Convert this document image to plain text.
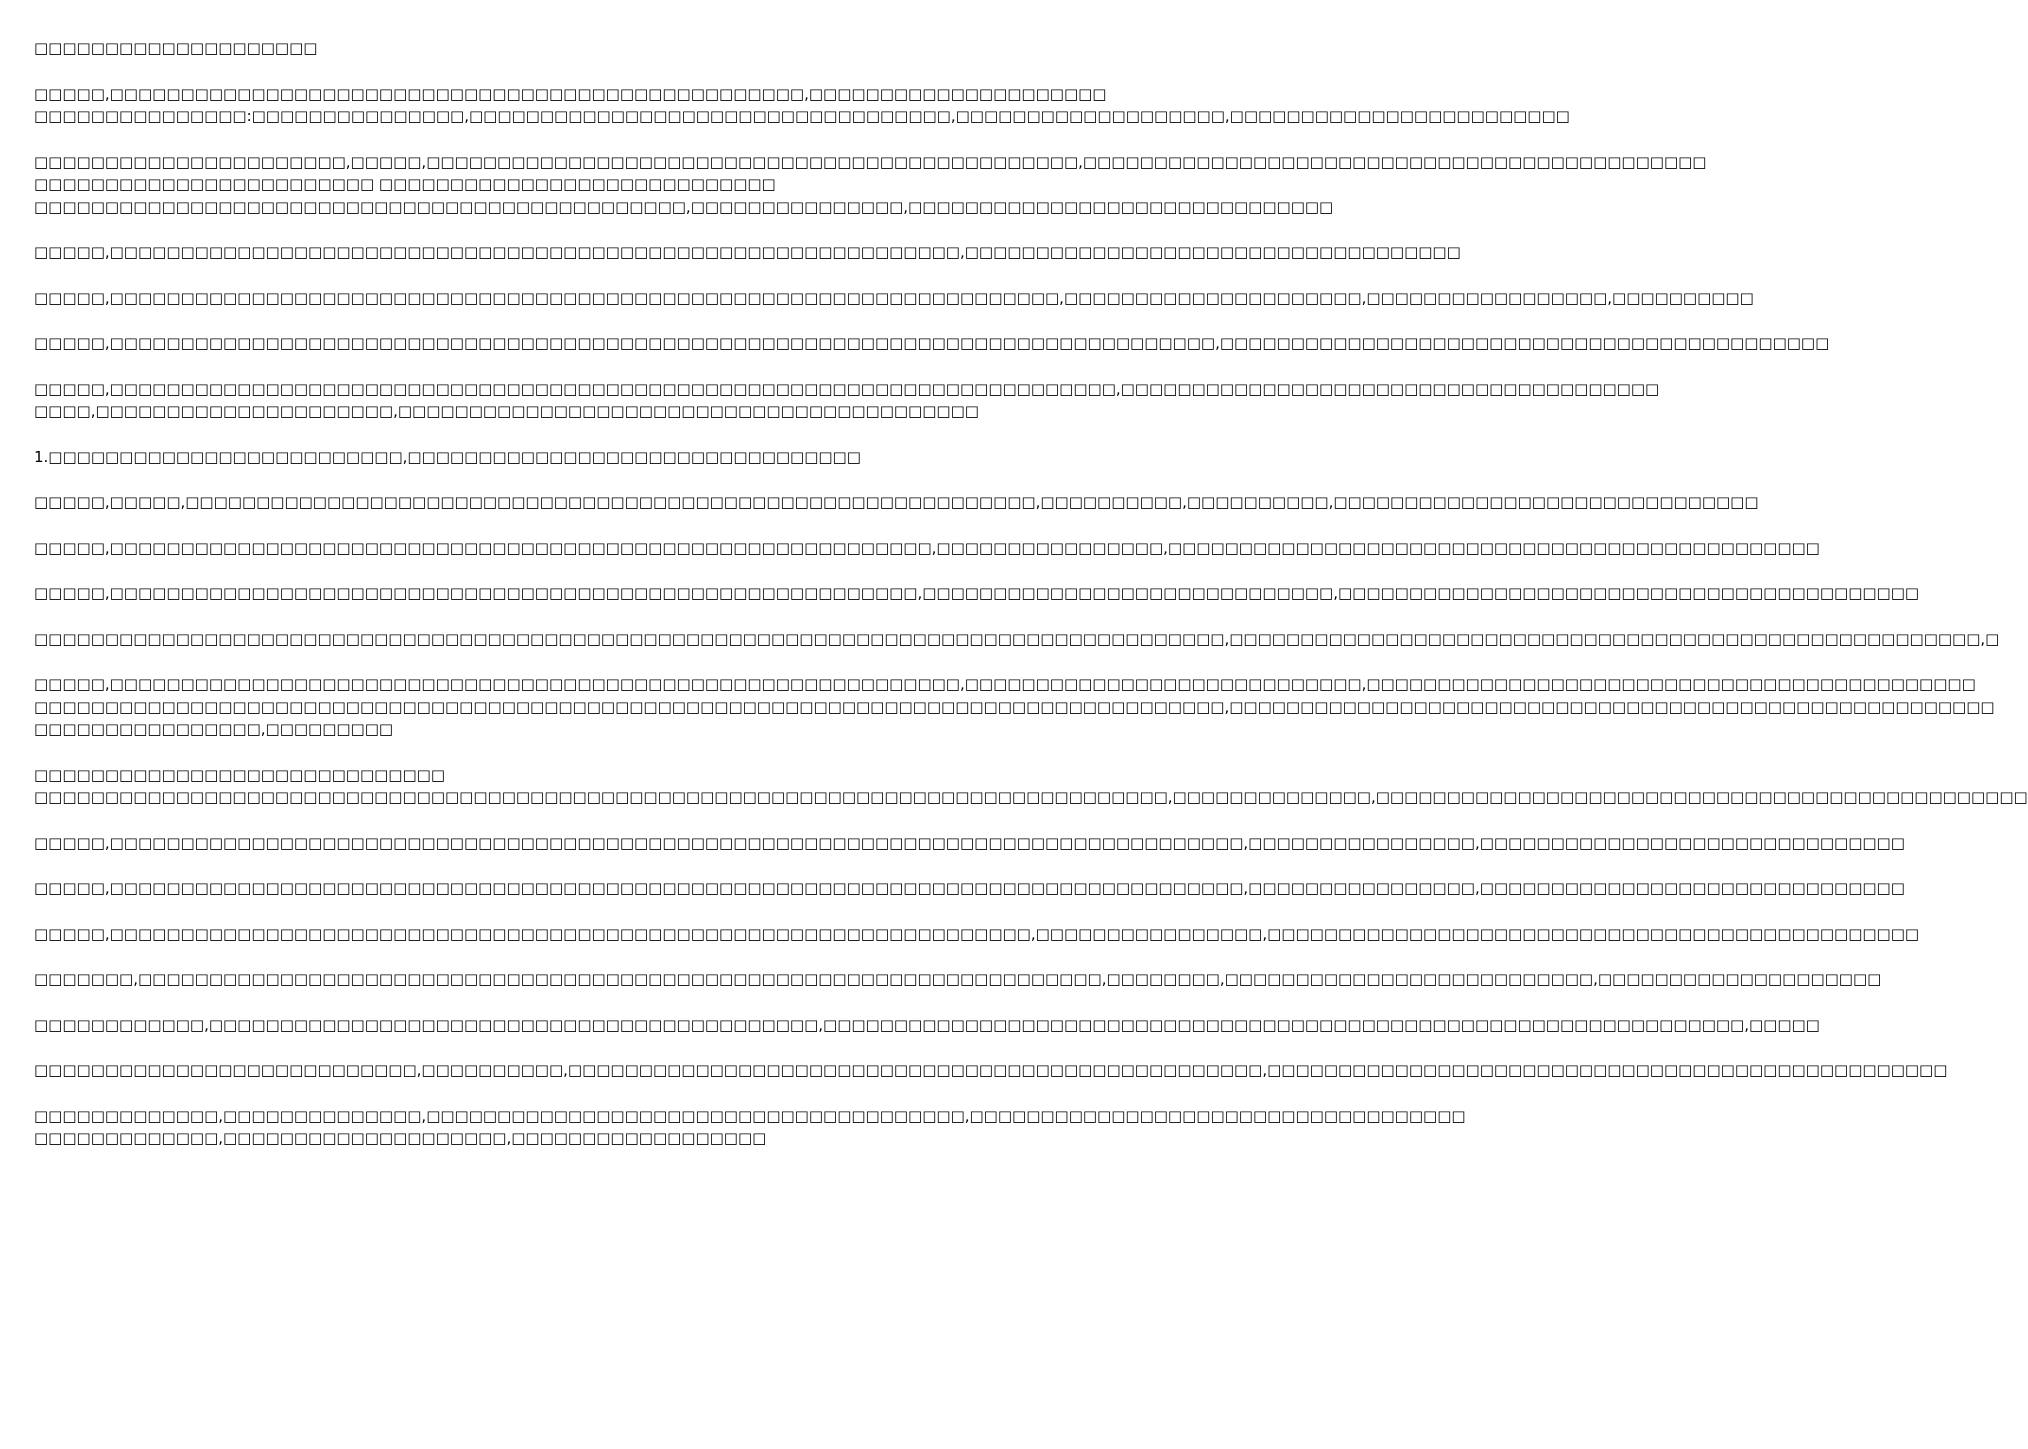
□□□□□□□□□□□□□□□□□□□□
□□□□□,□□□□□□□□□□□□□□□□□□□□□□□□□□□□□□□□□□□□□□□□□□□□□□□□□,□□□□□□□□□□□□□□□□□□□□□
□□□□□□□□□□□□□□□:□□□□□□□□□□□□□□□,□□□□□□□□□□□□□□□□□□□□□□□□□□□□□□□□□□,□□□□□□□□□□□□□□□□□□□,□□□□□□□□□□□□□□□□□□□□□□□□
□□□□□□□□□□□□□□□□□□□□□□,□□□□□,□□□□□□□□□□□□□□□□□□□□□□□□□□□□□□□□□□□□□□□□□□□□□□,□□□□□□□□□□□□□□□□□□□□□□□□□□□□□□□□□□□□□□□□□□□□
□□□□□□□□□□□□□□□□□□□□□□□□ □□□□□□□□□□□□□□□□□□□□□□□□□□□□
□□□□□□□□□□□□□□□□□□□□□□□□□□□□□□□□□□□□□□□□□□□□□□,□□□□□□□□□□□□□□□,□□□□□□□□□□□□□□□□□□□□□□□□□□□□□□
□□□□□,□□□□□□□□□□□□□□□□□□□□□□□□□□□□□□□□□□□□□□□□□□□□□□□□□□□□□□□□□□□□,□□□□□□□□□□□□□□□□□□□□□□□□□□□□□□□□□□□
□□□□□,□□□□□□□□□□□□□□□□□□□□□□□□□□□□□□□□□□□□□□□□□□□□□□□□□□□□□□□□□□□□□□□□□□□,□□□□□□□□□□□□□□□□□□□□□,□□□□□□□□□□□□□□□□□,□□□□□□□□□□
□□□□□,□□□□□□□□□□□□□□□□□□□□□□□□□□□□□□□□□□□□□□□□□□□□□□□□□□□□□□□□□□□□□□□□□□□□□□□□□□□□□□,□□□□□□□□□□□□□□□□□□□□□□□□□□□□□□□□□□□□□□□□□□□
□□□□□,□□□□□□□□□□□□□□□□□□□□□□□□□□□□□□□□□□□□□□□□□□□□□□□□□□□□□□□□□□□□□□□□□□□□□□□,□□□□□□□□□□□□□□□□□□□□□□□□□□□□□□□□□□□□□□
□□□□,□□□□□□□□□□□□□□□□□□□□□,□□□□□□□□□□□□□□□□□□□□□□□□□□□□□□□□□□□□□□□□□
1.□□□□□□□□□□□□□□□□□□□□□□□□□,□□□□□□□□□□□□□□□□□□□□□□□□□□□□□□□□
□□□□□,□□□□□,□□□□□□□□□□□□□□□□□□□□□□□□□□□□□□□□□□□□□□□□□□□□□□□□□□□□□□□□□□□□,□□□□□□□□□□,□□□□□□□□□□,□□□□□□□□□□□□□□□□□□□□□□□□□□□□□□
□□□□□,□□□□□□□□□□□□□□□□□□□□□□□□□□□□□□□□□□□□□□□□□□□□□□□□□□□□□□□□□□,□□□□□□□□□□□□□□□□,□□□□□□□□□□□□□□□□□□□□□□□□□□□□□□□□□□□□□□□□□□□□□□
□□□□□,□□□□□□□□□□□□□□□□□□□□□□□□□□□□□□□□□□□□□□□□□□□□□□□□□□□□□□□□□,□□□□□□□□□□□□□□□□□□□□□□□□□□□□□,□□□□□□□□□□□□□□□□□□□□□□□□□□□□□□□□□□□□□□□□□
□□□□□□□□□□□□□□□□□□□□□□□□□□□□□□□□□□□□□□□□□□□□□□□□□□□□□□□□□□□□□□□□□□□□□□□□□□□□□□□□□□□□,□□□□□□□□□□□□□□□□□□□□□□□□□□□□□□□□□□□□□□□□□□□□□□□□□□□□□,□
□□□□□,□□□□□□□□□□□□□□□□□□□□□□□□□□□□□□□□□□□□□□□□□□□□□□□□□□□□□□□□□□□□,□□□□□□□□□□□□□□□□□□□□□□□□□□□□,□□□□□□□□□□□□□□□□□□□□□□□□□□□□□□□□□□□□□□□□□□□
□□□□□□□□□□□□□□□□□□□□□□□□□□□□□□□□□□□□□□□□□□□□□□□□□□□□□□□□□□□□□□□□□□□□□□□□□□□□□□□□□□□□,□□□□□□□□□□□□□□□□□□□□□□□□□□□□□□□□□□□□□□□□□□□□□□□□□□□□□□
□□□□□□□□□□□□□□□□,□□□□□□□□□
□□□□□□□□□□□□□□□□□□□□□□□□□□□□□
□□□□□□□□□□□□□□□□□□□□□□□□□□□□□□□□□□□□□□□□□□□□□□□□□□□□□□□□□□□□□□□□□□□□□□□□□□□□□□□□,□□□□□□□□□□□□□□,□□□□□□□□□□□□□□□□□□□□□□□□□□□□□□□□□□□□□□□□□□□□□□
□□□□□,□□□□□□□□□□□□□□□□□□□□□□□□□□□□□□□□□□□□□□□□□□□□□□□□□□□□□□□□□□□□□□□□□□□□□□□□□□□□□□□□,□□□□□□□□□□□□□□□□,□□□□□□□□□□□□□□□□□□□□□□□□□□□□□□
□□□□□,□□□□□□□□□□□□□□□□□□□□□□□□□□□□□□□□□□□□□□□□□□□□□□□□□□□□□□□□□□□□□□□□□□□□□□□□□□□□□□□□,□□□□□□□□□□□□□□□□,□□□□□□□□□□□□□□□□□□□□□□□□□□□□□□
□□□□□,□□□□□□□□□□□□□□□□□□□□□□□□□□□□□□□□□□□□□□□□□□□□□□□□□□□□□□□□□□□□□□□□□,□□□□□□□□□□□□□□□□,□□□□□□□□□□□□□□□□□□□□□□□□□□□□□□□□□□□□□□□□□□□□□□
□□□□□□□,□□□□□□□□□□□□□□□□□□□□□□□□□□□□□□□□□□□□□□□□□□□□□□□□□□□□□□□□□□□□□□□□□□□□,□□□□□□□□,□□□□□□□□□□□□□□□□□□□□□□□□□□,□□□□□□□□□□□□□□□□□□□□
□□□□□□□□□□□□,□□□□□□□□□□□□□□□□□□□□□□□□□□□□□□□□□□□□□□□□□□□,□□□□□□□□□□□□□□□□□□□□□□□□□□□□□□□□□□□□□□□□□□□□□□□□□□□□□□□□□□□□□□□□□,□□□□□
□□□□□□□□□□□□□□□□□□□□□□□□□□□,□□□□□□□□□□,□□□□□□□□□□□□□□□□□□□□□□□□□□□□□□□□□□□□□□□□□□□□□□□□□,□□□□□□□□□□□□□□□□□□□□□□□□□□□□□□□□□□□□□□□□□□□□□□□□
□□□□□□□□□□□□□,□□□□□□□□□□□□□□,□□□□□□□□□□□□□□□□□□□□□□□□□□□□□□□□□□□□□□,□□□□□□□□□□□□□□□□□□□□□□□□□□□□□□□□□□□
□□□□□□□□□□□□□,□□□□□□□□□□□□□□□□□□□□,□□□□□□□□□□□□□□□□□□
